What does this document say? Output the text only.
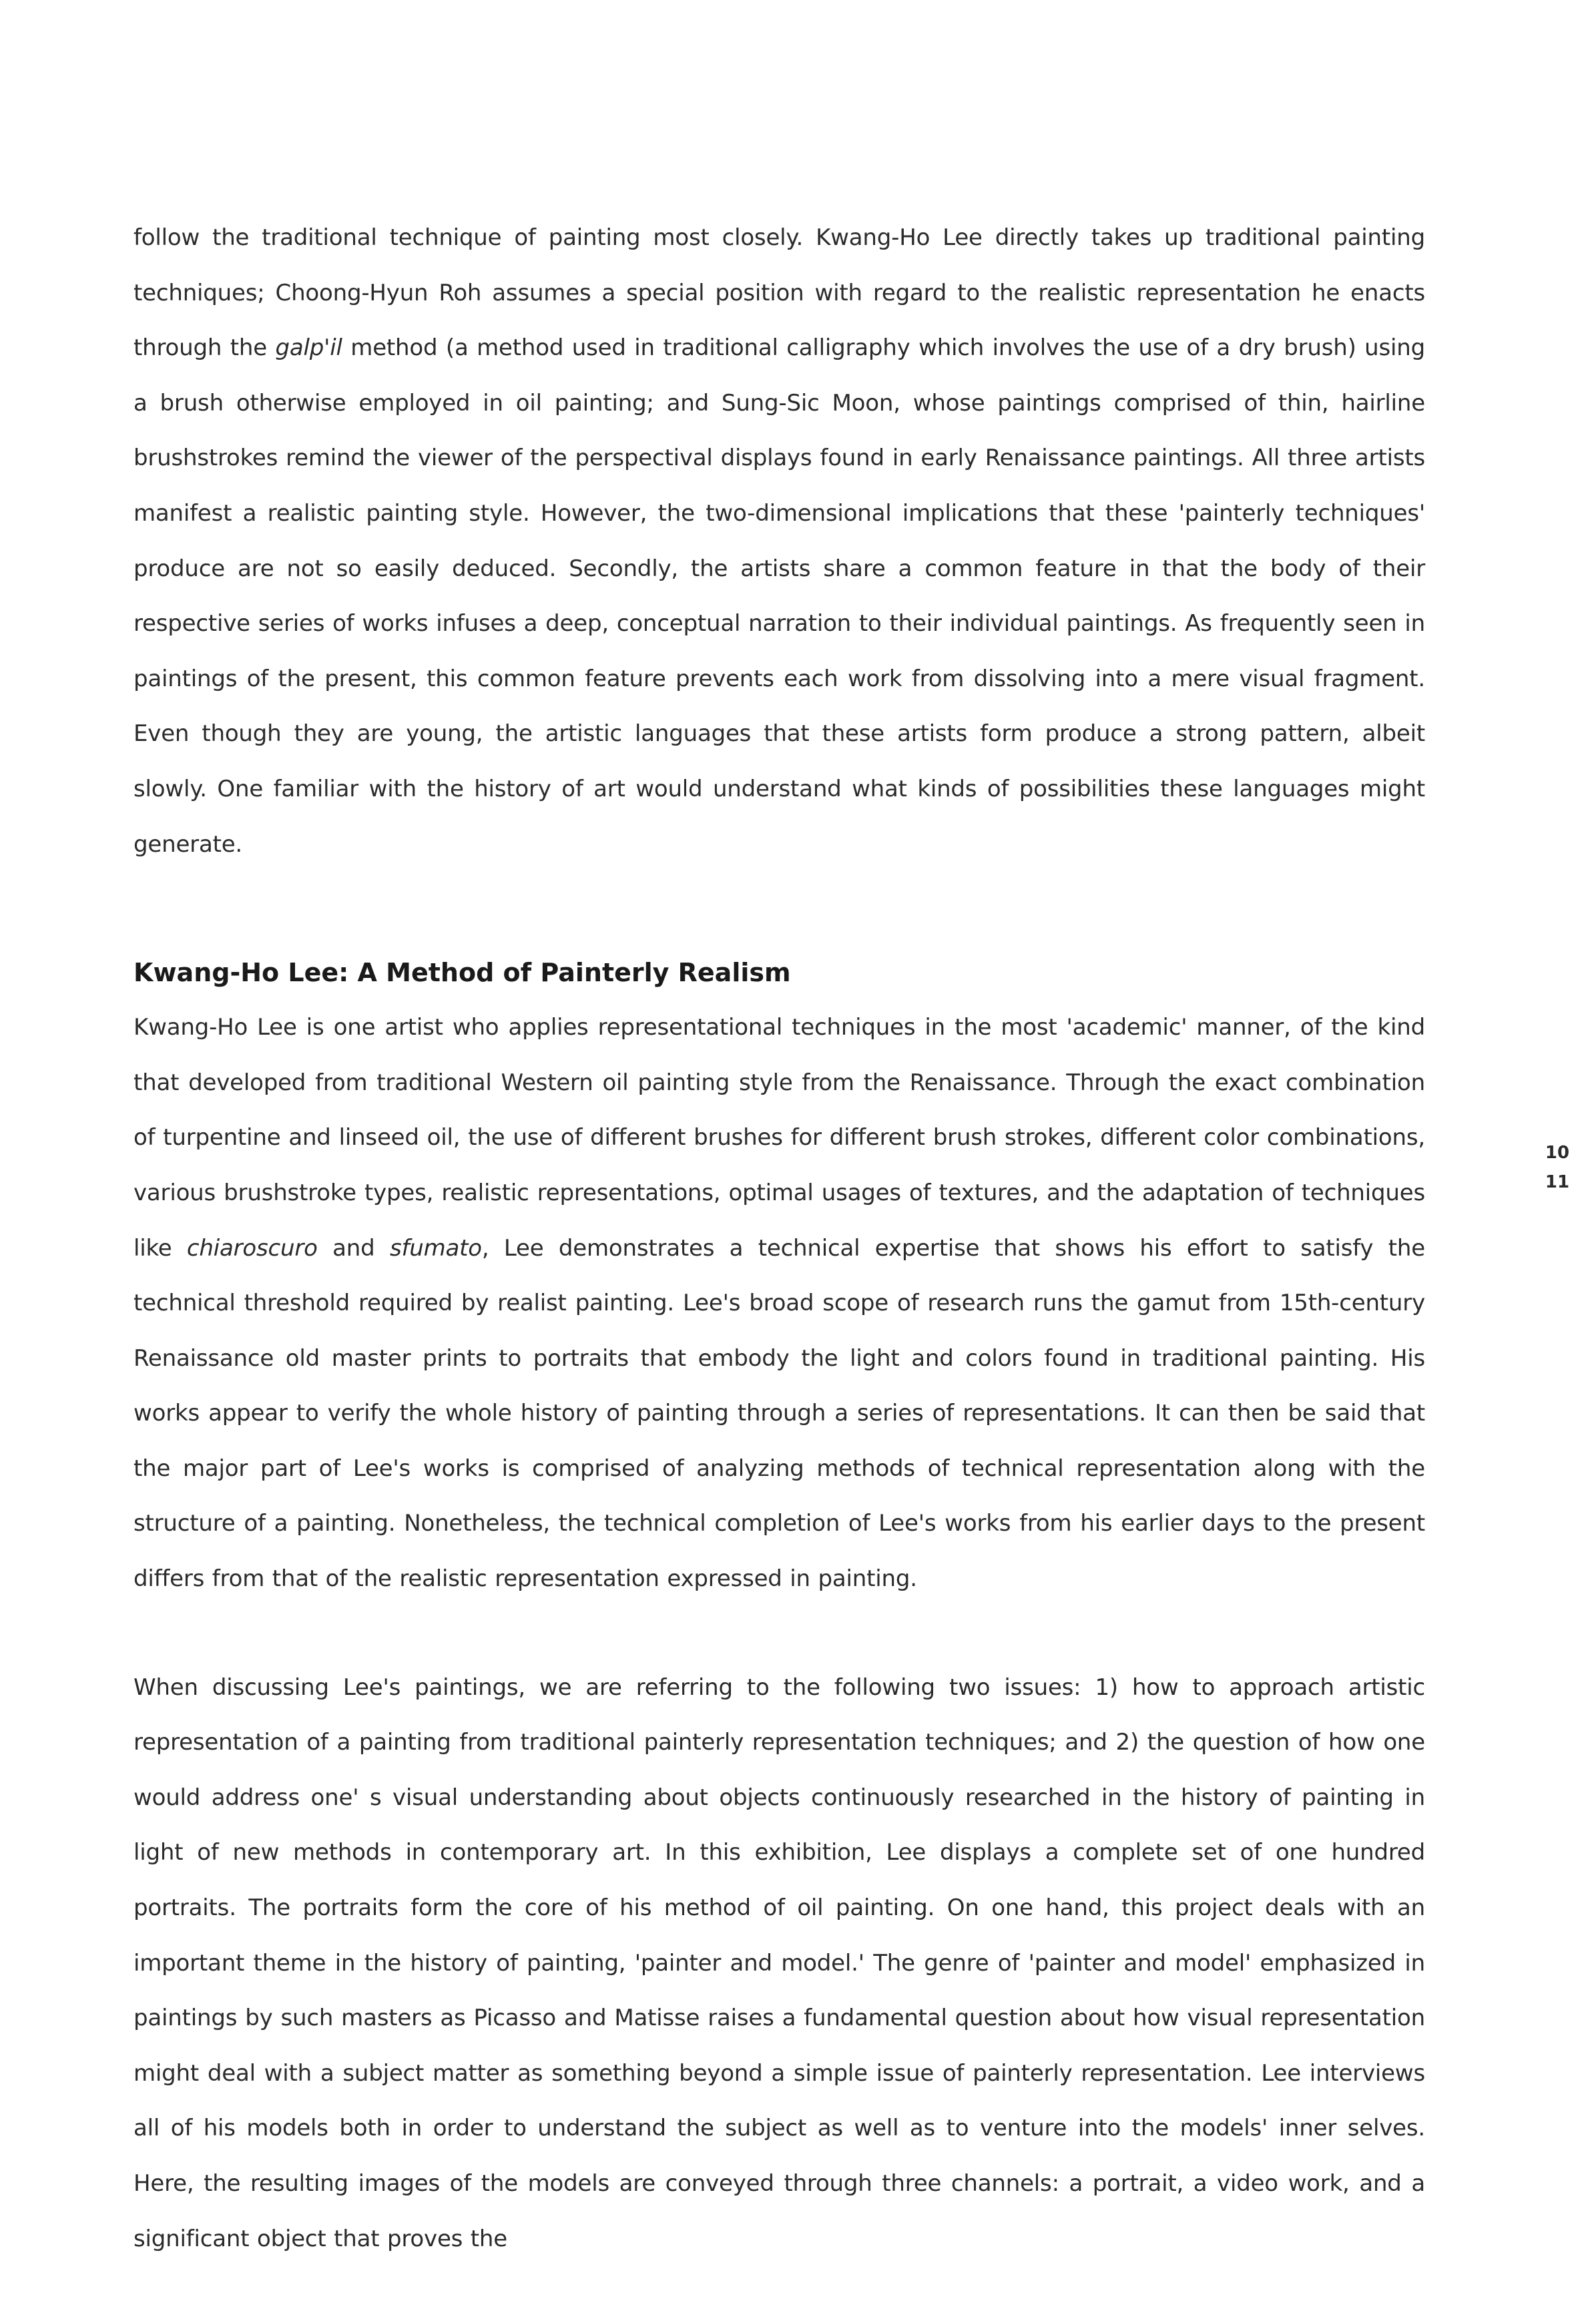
follow the traditional technique of painting most closely. Kwang-Ho Lee directly takes up traditional painting techniques; Choong-Hyun Roh assumes a special position with regard to the realistic representation he enacts through the galp'il method (a method used in traditional calligraphy which involves the use of a dry brush) using a brush otherwise employed in oil painting; and Sung-Sic Moon, whose paintings comprised of thin, hairline brushstrokes remind the viewer of the perspectival displays found in early Renaissance paintings. All three artists manifest a realistic painting style. However, the two-dimensional implications that these 'painterly techniques' produce are not so easily deduced. Secondly, the artists share a common feature in that the body of their respective series of works infuses a deep, conceptual narration to their individual paintings. As frequently seen in paintings of the present, this common feature prevents each work from dissolving into a mere visual fragment. Even though they are young, the artistic languages that these artists form produce a strong pattern, albeit slowly. One familiar with the history of art would understand what kinds of possibilities these languages might generate.

Kwang-Ho Lee: A Method of Painterly Realism

Kwang-Ho Lee is one artist who applies representational techniques in the most 'academic' manner, of the kind that developed from traditional Western oil painting style from the Renaissance. Through the exact combination of turpentine and linseed oil, the use of different brushes for different brush strokes, different color combinations, various brushstroke types, realistic representations, optimal usages of textures, and the adaptation of techniques like chiaroscuro and sfumato, Lee demonstrates a technical expertise that shows his effort to satisfy the technical threshold required by realist painting. Lee's broad scope of research runs the gamut from 15th-century Renaissance old master prints to portraits that embody the light and colors found in traditional painting. His works appear to verify the whole history of painting through a series of representations. It can then be said that the major part of Lee's works is comprised of analyzing methods of technical representation along with the structure of a painting. Nonetheless, the technical completion of Lee's works from his earlier days to the present differs from that of the realistic representation expressed in painting.

When discussing Lee's paintings, we are referring to the following two issues: 1) how to approach artistic representation of a painting from traditional painterly representation techniques; and 2) the question of how one would address one' s visual understanding about objects continuously researched in the history of painting in light of new methods in contemporary art. In this exhibition, Lee displays a complete set of one hundred portraits. The portraits form the core of his method of oil painting. On one hand, this project deals with an important theme in the history of painting, 'painter and model.' The genre of 'painter and model' emphasized in paintings by such masters as Picasso and Matisse raises a fundamental question about how visual representation might deal with a subject matter as something beyond a simple issue of painterly representation. Lee interviews all of his models both in order to understand the subject as well as to venture into the models' inner selves. Here, the resulting images of the models are conveyed through three channels: a portrait, a video work, and a significant object that proves the

10
11
